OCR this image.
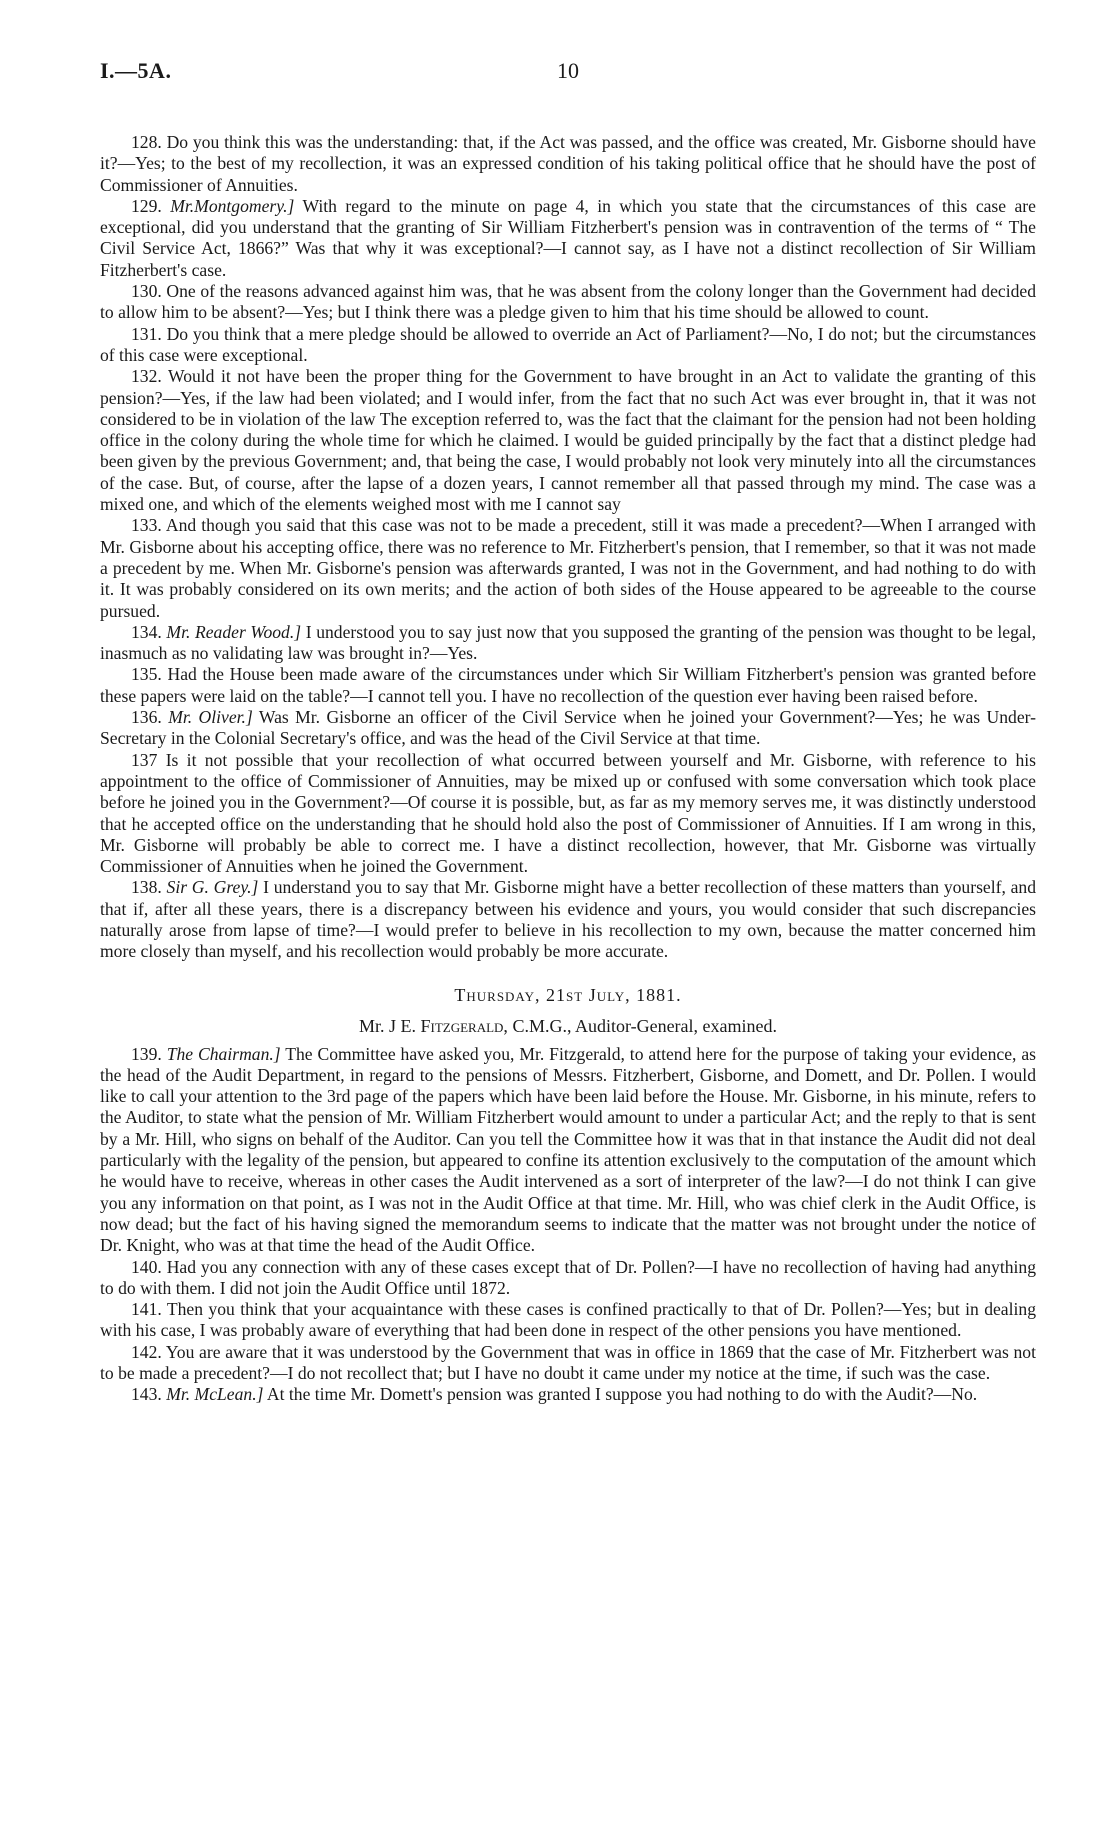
I.—5A.	10

128. Do you think this was the understanding: that, if the Act was passed, and the office was created, Mr. Gisborne should have it?—Yes; to the best of my recollection, it was an expressed condition of his taking political office that he should have the post of Commissioner of Annuities.

129. Mr.Montgomery.] With regard to the minute on page 4, in which you state that the circumstances of this case are exceptional, did you understand that the granting of Sir William Fitzherbert's pension was in contravention of the terms of “ The Civil Service Act, 1866?” Was that why it was exceptional?—I cannot say, as I have not a distinct recollection of Sir William Fitzherbert's case.

130. One of the reasons advanced against him was, that he was absent from the colony longer than the Government had decided to allow him to be absent?—Yes; but I think there was a pledge given to him that his time should be allowed to count.

131. Do you think that a mere pledge should be allowed to override an Act of Parliament?—No, I do not; but the circumstances of this case were exceptional.

132. Would it not have been the proper thing for the Government to have brought in an Act to validate the granting of this pension?—Yes, if the law had been violated; and I would infer, from the fact that no such Act was ever brought in, that it was not considered to be in violation of the law The exception referred to, was the fact that the claimant for the pension had not been holding office in the colony during the whole time for which he claimed. I would be guided principally by the fact that a distinct pledge had been given by the previous Government; and, that being the case, I would probably not look very minutely into all the circumstances of the case. But, of course, after the lapse of a dozen years, I cannot remember all that passed through my mind. The case was a mixed one, and which of the elements weighed most with me I cannot say

133. And though you said that this case was not to be made a precedent, still it was made a precedent?—When I arranged with Mr. Gisborne about his accepting office, there was no reference to Mr. Fitzherbert's pension, that I remember, so that it was not made a precedent by me. When Mr. Gisborne's pension was afterwards granted, I was not in the Government, and had nothing to do with it. It was probably considered on its own merits; and the action of both sides of the House appeared to be agreeable to the course pursued.

134. Mr. Reader Wood.] I understood you to say just now that you supposed the granting of the pension was thought to be legal, inasmuch as no validating law was brought in?—Yes.

135. Had the House been made aware of the circumstances under which Sir William Fitzherbert's pension was granted before these papers were laid on the table?—I cannot tell you. I have no recollection of the question ever having been raised before.

136. Mr. Oliver.] Was Mr. Gisborne an officer of the Civil Service when he joined your Government?—Yes; he was Under-Secretary in the Colonial Secretary's office, and was the head of the Civil Service at that time.

137 Is it not possible that your recollection of what occurred between yourself and Mr. Gisborne, with reference to his appointment to the office of Commissioner of Annuities, may be mixed up or confused with some conversation which took place before he joined you in the Government?—Of course it is possible, but, as far as my memory serves me, it was distinctly understood that he accepted office on the understanding that he should hold also the post of Commissioner of Annuities. If I am wrong in this, Mr. Gisborne will probably be able to correct me. I have a distinct recollection, however, that Mr. Gisborne was virtually Commissioner of Annuities when he joined the Government.

138. Sir G. Grey.] I understand you to say that Mr. Gisborne might have a better recollection of these matters than yourself, and that if, after all these years, there is a discrepancy between his evidence and yours, you would consider that such discrepancies naturally arose from lapse of time?—I would prefer to believe in his recollection to my own, because the matter concerned him more closely than myself, and his recollection would probably be more accurate.

Thursday, 21st July, 1881.
Mr. J E. Fitzgerald, C.M.G., Auditor-General, examined.

139. The Chairman.] The Committee have asked you, Mr. Fitzgerald, to attend here for the purpose of taking your evidence, as the head of the Audit Department, in regard to the pensions of Messrs. Fitzherbert, Gisborne, and Domett, and Dr. Pollen. I would like to call your attention to the 3rd page of the papers which have been laid before the House. Mr. Gisborne, in his minute, refers to the Auditor, to state what the pension of Mr. William Fitzherbert would amount to under a particular Act; and the reply to that is sent by a Mr. Hill, who signs on behalf of the Auditor. Can you tell the Committee how it was that in that instance the Audit did not deal particularly with the legality of the pension, but appeared to confine its attention exclusively to the computation of the amount which he would have to receive, whereas in other cases the Audit intervened as a sort of interpreter of the law?—I do not think I can give you any information on that point, as I was not in the Audit Office at that time. Mr. Hill, who was chief clerk in the Audit Office, is now dead; but the fact of his having signed the memorandum seems to indicate that the matter was not brought under the notice of Dr. Knight, who was at that time the head of the Audit Office.

140. Had you any connection with any of these cases except that of Dr. Pollen?—I have no recollection of having had anything to do with them. I did not join the Audit Office until 1872.

141. Then you think that your acquaintance with these cases is confined practically to that of Dr. Pollen?—Yes; but in dealing with his case, I was probably aware of everything that had been done in respect of the other pensions you have mentioned.

142. You are aware that it was understood by the Government that was in office in 1869 that the case of Mr. Fitzherbert was not to be made a precedent?—I do not recollect that; but I have no doubt it came under my notice at the time, if such was the case.

143. Mr. McLean.] At the time Mr. Domett's pension was granted I suppose you had nothing to do with the Audit?—No.
